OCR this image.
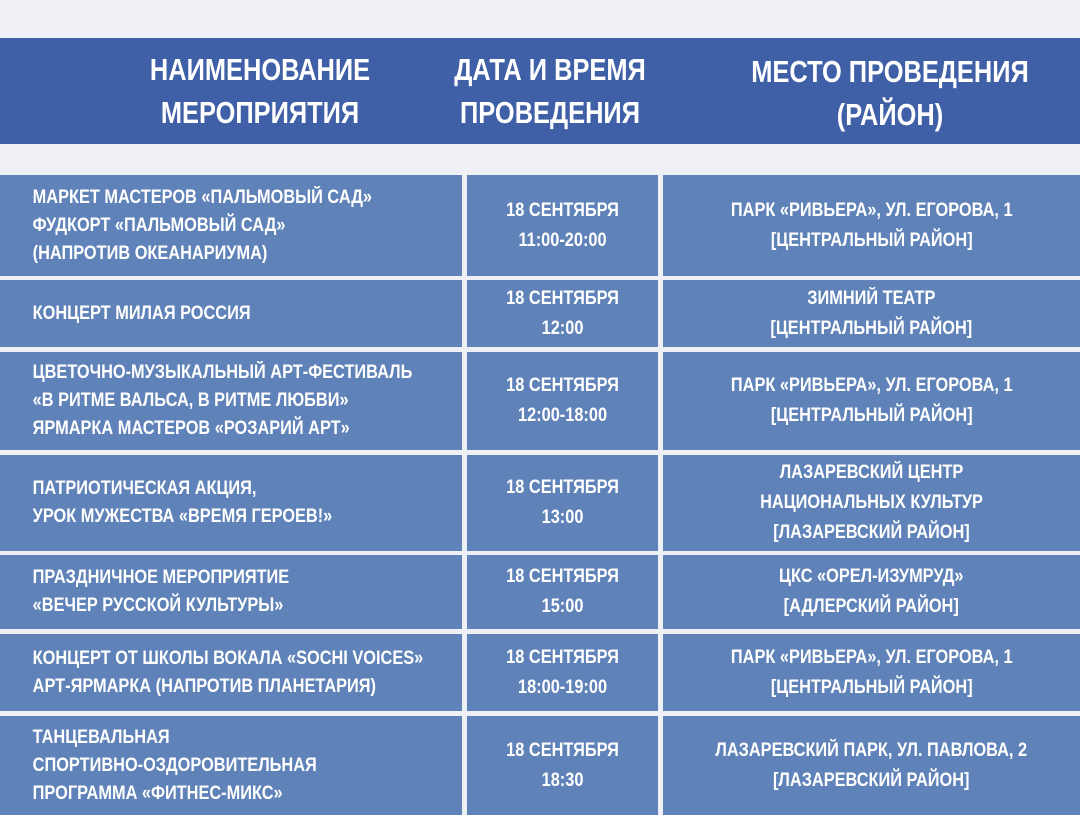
НАИМЕНОВАНИЕ
МЕРОПРИЯТИЯ
ДАТА И ВРЕМЯ
ПРОВЕДЕНИЯ
МЕСТО ПРОВЕДЕНИЯ
(РАЙОН)
МАРКЕТ МАСТЕРОВ «ПАЛЬМОВЫЙ САД»
ФУДКОРТ «ПАЛЬМОВЫЙ САД»
(НАПРОТИВ ОКЕАНАРИУМА)
18 СЕНТЯБРЯ
11:00-20:00
ПАРК «РИВЬЕРА», УЛ. ЕГОРОВА, 1
[ЦЕНТРАЛЬНЫЙ РАЙОН]
КОНЦЕРТ МИЛАЯ РОССИЯ
18 СЕНТЯБРЯ
12:00
ЗИМНИЙ ТЕАТР
[ЦЕНТРАЛЬНЫЙ РАЙОН]
ЦВЕТОЧНО-МУЗЫКАЛЬНЫЙ АРТ-ФЕСТИВАЛЬ
«В РИТМЕ ВАЛЬСА, В РИТМЕ ЛЮБВИ»
ЯРМАРКА МАСТЕРОВ «РОЗАРИЙ АРТ»
18 СЕНТЯБРЯ
12:00-18:00
ПАРК «РИВЬЕРА», УЛ. ЕГОРОВА, 1
[ЦЕНТРАЛЬНЫЙ РАЙОН]
ПАТРИОТИЧЕСКАЯ АКЦИЯ,
УРОК МУЖЕСТВА «ВРЕМЯ ГЕРОЕВ!»
18 СЕНТЯБРЯ
13:00
ЛАЗАРЕВСКИЙ ЦЕНТР
НАЦИОНАЛЬНЫХ КУЛЬТУР
[ЛАЗАРЕВСКИЙ РАЙОН]
ПРАЗДНИЧНОЕ МЕРОПРИЯТИЕ
«ВЕЧЕР РУССКОЙ КУЛЬТУРЫ»
18 СЕНТЯБРЯ
15:00
ЦКС «ОРЕЛ-ИЗУМРУД»
[АДЛЕРСКИЙ РАЙОН]
КОНЦЕРТ ОТ ШКОЛЫ ВОКАЛА «SOCHI VOICES»
АРТ-ЯРМАРКА (НАПРОТИВ ПЛАНЕТАРИЯ)
18 СЕНТЯБРЯ
18:00-19:00
ПАРК «РИВЬЕРА», УЛ. ЕГОРОВА, 1
[ЦЕНТРАЛЬНЫЙ РАЙОН]
ТАНЦЕВАЛЬНАЯ
СПОРТИВНО-ОЗДОРОВИТЕЛЬНАЯ
ПРОГРАММА «ФИТНЕС-МИКС»
18 СЕНТЯБРЯ
18:30
ЛАЗАРЕВСКИЙ ПАРК, УЛ. ПАВЛОВА, 2
[ЛАЗАРЕВСКИЙ РАЙОН]
